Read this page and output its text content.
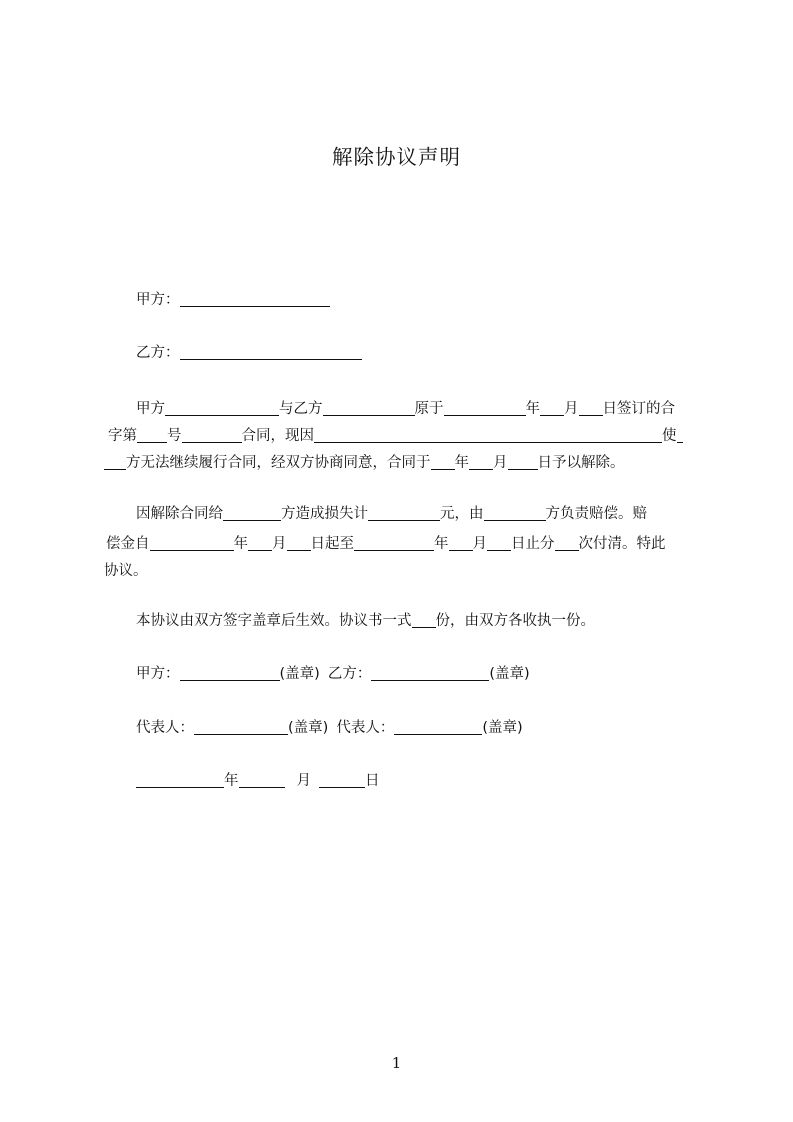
解除协议声明
甲方：
乙方：
甲方	与乙方	原于	年 月 日签订的合
字第 号	合同，现因	使
方无法继续履行合同，经双方协商同意，合同于 年 月 日予以解除。
因解除合同给	方造成损失计	元，由	方负责赔偿。赔
偿金自	年 月 日起至	年 月 日止分 次付清。特此
协议。
本协议由双方签字盖章后生效。协议书一式 份，由双方各收执一份。
甲方：	(盖章) 乙方：	(盖章)
代表人：	(盖章) 代表人：	(盖章)
年	月	日
1
